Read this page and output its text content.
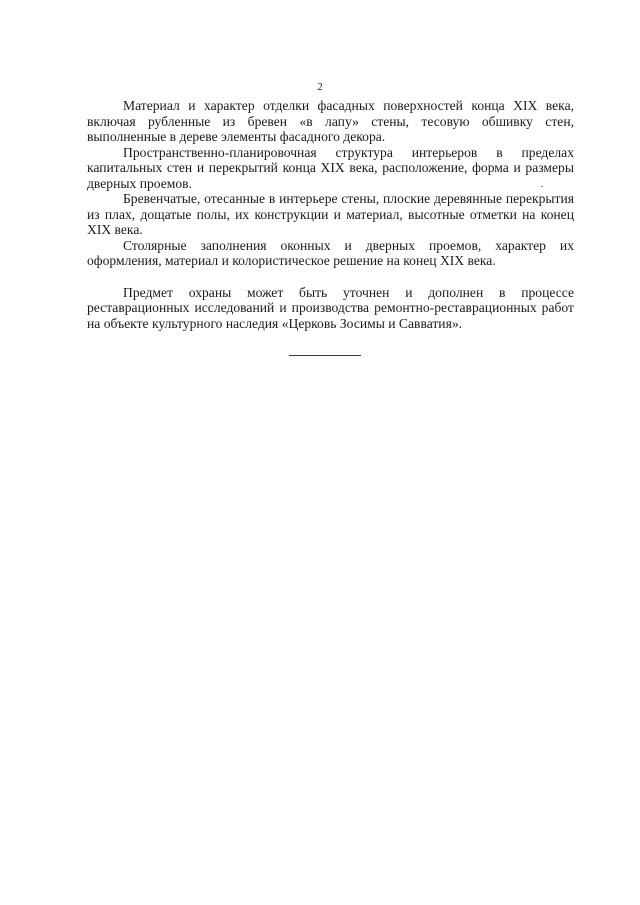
2

Материал и характер отделки фасадных поверхностей конца XIX века, включая рубленные из бревен «в лапу» стены, тесовую обшивку стен, выполненные в дереве элементы фасадного декора.

Пространственно-планировочная структура интерьеров в пределах капитальных стен и перекрытий конца XIX века, расположение, форма и размеры дверных проемов.

Бревенчатые, отесанные в интерьере стены, плоские деревянные перекрытия из плах, дощатые полы, их конструкции и материал, высотные отметки на конец XIX века.

Столярные заполнения оконных и дверных проемов, характер их оформления, материал и колористическое решение на конец XIX века.

Предмет охраны может быть уточнен и дополнен в процессе реставрационных исследований и производства ремонтно-реставрационных работ на объекте культурного наследия «Церковь Зосимы и Савватия».
